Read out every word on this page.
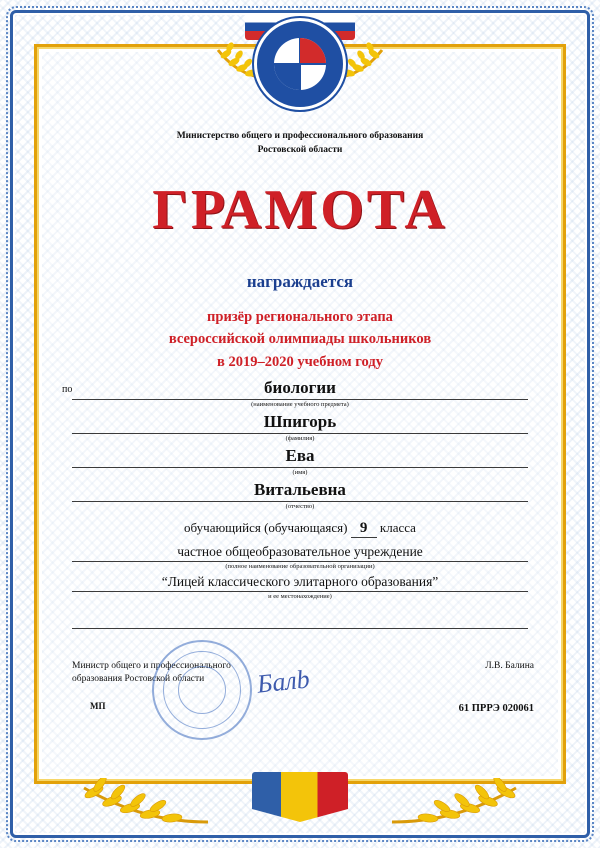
Министерство общего и профессионального образования
Ростовской области
ГРАМОТА
награждается
призёр регионального этапа
всероссийской олимпиады школьников
в 2019–2020 учебном году
по	биологии
(наименование учебного предмета)
Шпигорь
(фамилия)
Ева
(имя)
Витальевна
(отчество)
обучающийся (обучающаяся) 9 класса
частное общеобразовательное учреждение
(полное наименование образовательной организации)
“Лицей классического элитарного образования”
и ее местонахождение)
Министр общего и профессионального
образования Ростовской области
Л.В. Балина
МП	61 ПРРЭ 020061
Балb
